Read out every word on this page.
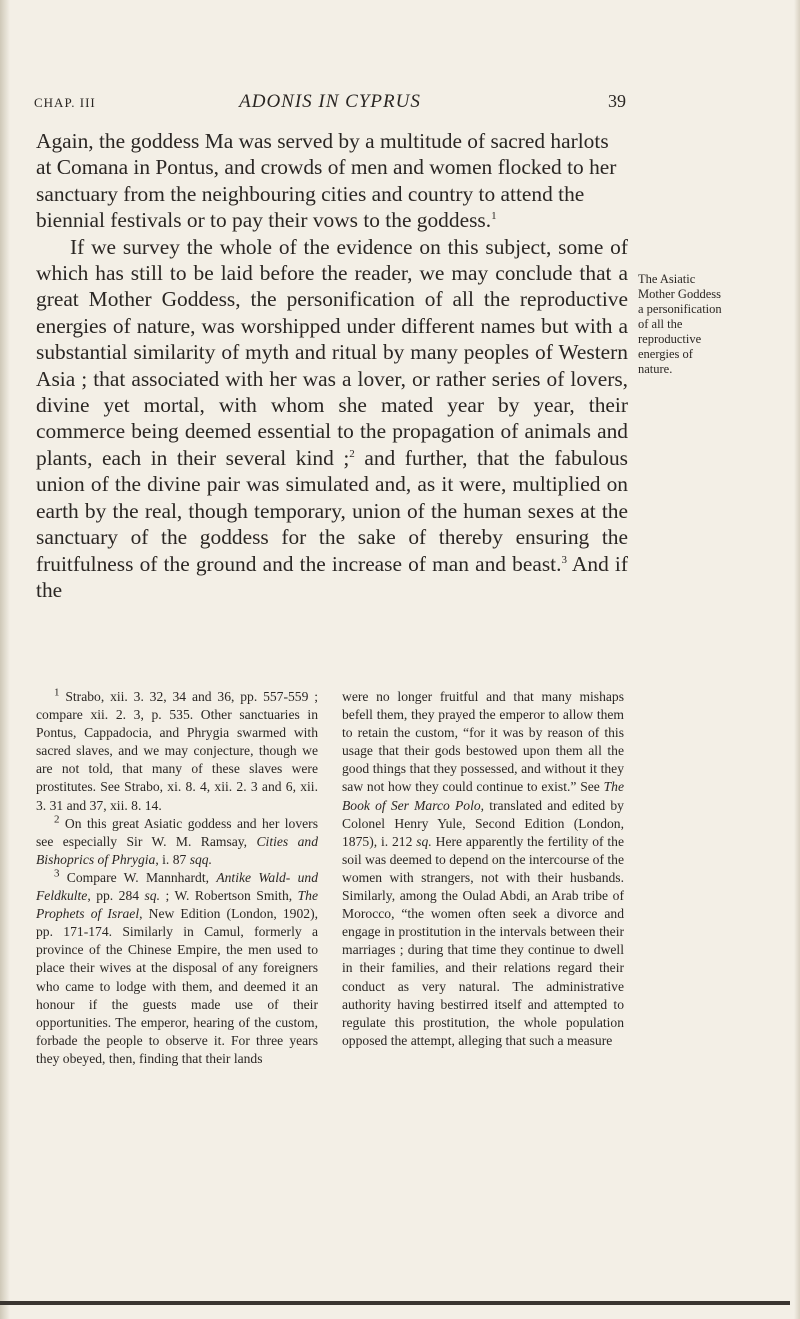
CHAP. III	ADONIS IN CYPRUS	39

Again, the goddess Ma was served by a multitude of sacred harlots at Comana in Pontus, and crowds of men and women flocked to her sanctuary from the neighbouring cities and country to attend the biennial festivals or to pay their vows to the goddess.$^1$

If we survey the whole of the evidence on this subject, some of which has still to be laid before the reader, we may conclude that a great Mother Goddess, the personification of all the reproductive energies of nature, was worshipped under different names but with a substantial similarity of myth and ritual by many peoples of Western Asia ; that associated with her was a lover, or rather series of lovers, divine yet mortal, with whom she mated year by year, their commerce being deemed essential to the propagation of animals and plants, each in their several kind ;$^2$ and further, that the fabulous union of the divine pair was simulated and, as it were, multiplied on earth by the real, though temporary, union of the human sexes at the sanctuary of the goddess for the sake of thereby ensuring the fruitfulness of the ground and the increase of man and beast.$^3$ And if the

The Asiatic Mother Goddess a personification of all the reproductive energies of nature.

$^1$ Strabo, xii. 3. 32, 34 and 36, pp. 557-559 ; compare xii. 2. 3, p. 535. Other sanctuaries in Pontus, Cappadocia, and Phrygia swarmed with sacred slaves, and we may conjecture, though we are not told, that many of these slaves were prostitutes. See Strabo, xi. 8. 4, xii. 2. 3 and 6, xii. 3. 31 and 37, xii. 8. 14.

$^2$ On this great Asiatic goddess and her lovers see especially Sir W. M. Ramsay, Cities and Bishoprics of Phrygia, i. 87 sqq.

$^3$ Compare W. Mannhardt, Antike Wald- und Feldkulte, pp. 284 sq. ; W. Robertson Smith, The Prophets of Israel, New Edition (London, 1902), pp. 171-174. Similarly in Camul, formerly a province of the Chinese Empire, the men used to place their wives at the disposal of any foreigners who came to lodge with them, and deemed it an honour if the guests made use of their opportunities. The emperor, hearing of the custom, forbade the people to observe it. For three years they obeyed, then, finding that their lands

were no longer fruitful and that many mishaps befell them, they prayed the emperor to allow them to retain the custom, “for it was by reason of this usage that their gods bestowed upon them all the good things that they possessed, and without it they saw not how they could continue to exist.” See The Book of Ser Marco Polo, translated and edited by Colonel Henry Yule, Second Edition (London, 1875), i. 212 sq. Here apparently the fertility of the soil was deemed to depend on the intercourse of the women with strangers, not with their husbands. Similarly, among the Oulad Abdi, an Arab tribe of Morocco, “the women often seek a divorce and engage in prostitution in the intervals between their marriages ; during that time they continue to dwell in their families, and their relations regard their conduct as very natural. The administrative authority having bestirred itself and attempted to regulate this prostitution, the whole population opposed the attempt, alleging that such a measure
